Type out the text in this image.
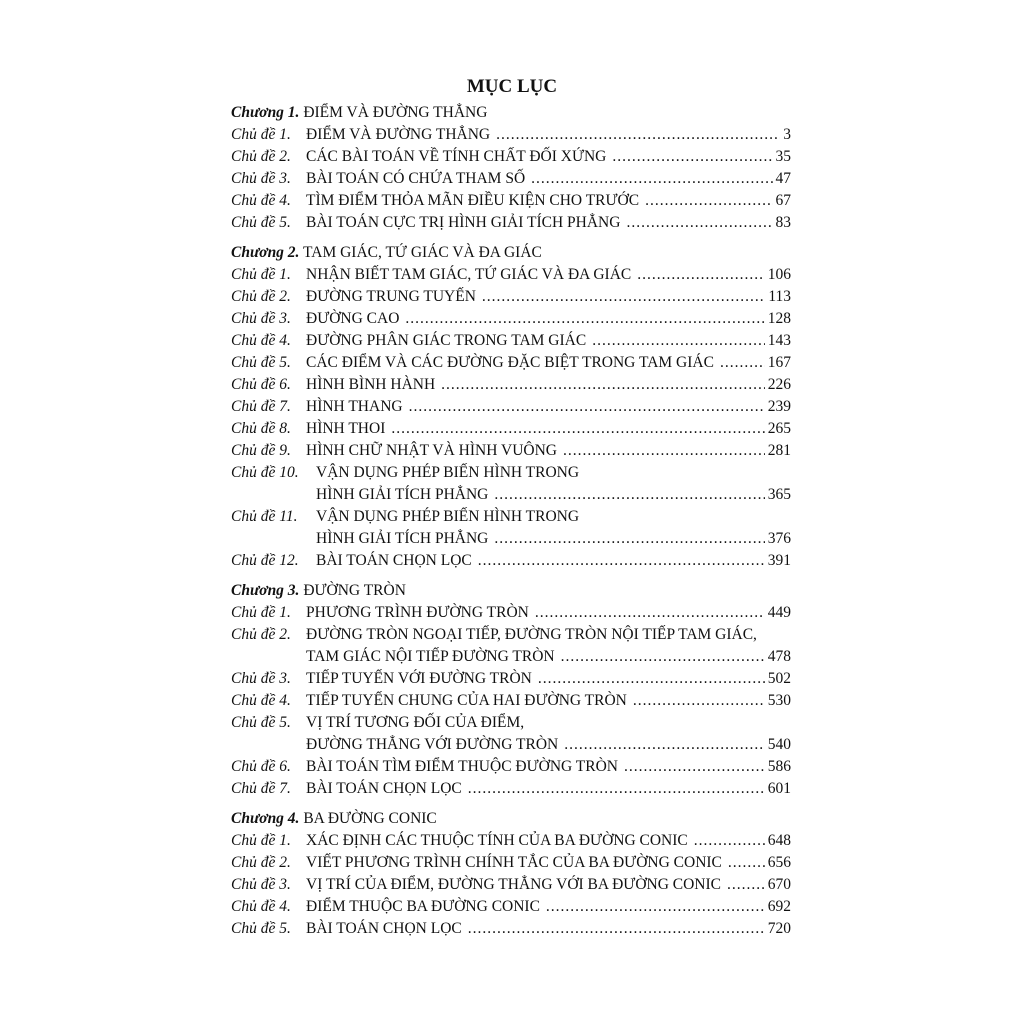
MỤC LỤC
Chương 1. ĐIỂM VÀ ĐƯỜNG THẲNG
Chủ đề 1. ĐIỂM VÀ ĐƯỜNG THẲNG .....	3
Chủ đề 2. CÁC BÀI TOÁN VỀ TÍNH CHẤT ĐỐI XỨNG .....	35
Chủ đề 3. BÀI TOÁN CÓ CHỨA THAM SỐ .....	47
Chủ đề 4. TÌM ĐIỂM THỎA MÃN ĐIỀU KIỆN CHO TRƯỚC .....	67
Chủ đề 5. BÀI TOÁN CỰC TRỊ HÌNH GIẢI TÍCH PHẲNG .....	83
Chương 2. TAM GIÁC, TỨ GIÁC VÀ ĐA GIÁC
Chủ đề 1. NHẬN BIẾT TAM GIÁC, TỨ GIÁC VÀ ĐA GIÁC .....	106
Chủ đề 2. ĐƯỜNG TRUNG TUYẾN .....	113
Chủ đề 3. ĐƯỜNG CAO .....	128
Chủ đề 4. ĐƯỜNG PHÂN GIÁC TRONG TAM GIÁC .....	143
Chủ đề 5. CÁC ĐIỂM VÀ CÁC ĐƯỜNG ĐẶC BIỆT TRONG TAM GIÁC .....	167
Chủ đề 6. HÌNH BÌNH HÀNH .....	226
Chủ đề 7. HÌNH THANG .....	239
Chủ đề 8. HÌNH THOI .....	265
Chủ đề 9. HÌNH CHỮ NHẬT VÀ HÌNH VUÔNG .....	281
Chủ đề 10.	VẬN DỤNG PHÉP BIẾN HÌNH TRONG
HÌNH GIẢI TÍCH PHẲNG .....	365
Chủ đề 11.	VẬN DỤNG PHÉP BIẾN HÌNH TRONG
HÌNH GIẢI TÍCH PHẲNG .....	376
Chủ đề 12.	BÀI TOÁN CHỌN LỌC .....	391
Chương 3. ĐƯỜNG TRÒN
Chủ đề 1. PHƯƠNG TRÌNH ĐƯỜNG TRÒN .....	449
Chủ đề 2. ĐƯỜNG TRÒN NGOẠI TIẾP, ĐƯỜNG TRÒN NỘI TIẾP TAM GIÁC,
TAM GIÁC NỘI TIẾP ĐƯỜNG TRÒN .....	478
Chủ đề 3. TIẾP TUYẾN VỚI ĐƯỜNG TRÒN .....	502
Chủ đề 4. TIẾP TUYẾN CHUNG CỦA HAI ĐƯỜNG TRÒN .....	530
Chủ đề 5. VỊ TRÍ TƯƠNG ĐỐI CỦA ĐIỂM,
ĐƯỜNG THẲNG VỚI ĐƯỜNG TRÒN .....	540
Chủ đề 6. BÀI TOÁN TÌM ĐIỂM THUỘC ĐƯỜNG TRÒN .....	586
Chủ đề 7. BÀI TOÁN CHỌN LỌC .....	601
Chương 4. BA ĐƯỜNG CONIC
Chủ đề 1. XÁC ĐỊNH CÁC THUỘC TÍNH CỦA BA ĐƯỜNG CONIC .....	648
Chủ đề 2. VIẾT PHƯƠNG TRÌNH CHÍNH TẮC CỦA BA ĐƯỜNG CONIC .....	656
Chủ đề 3. VỊ TRÍ CỦA ĐIỂM, ĐƯỜNG THẲNG VỚI BA ĐƯỜNG CONIC .....	670
Chủ đề 4. ĐIỂM THUỘC BA ĐƯỜNG CONIC .....	692
Chủ đề 5. BÀI TOÁN CHỌN LỌC .....	720
